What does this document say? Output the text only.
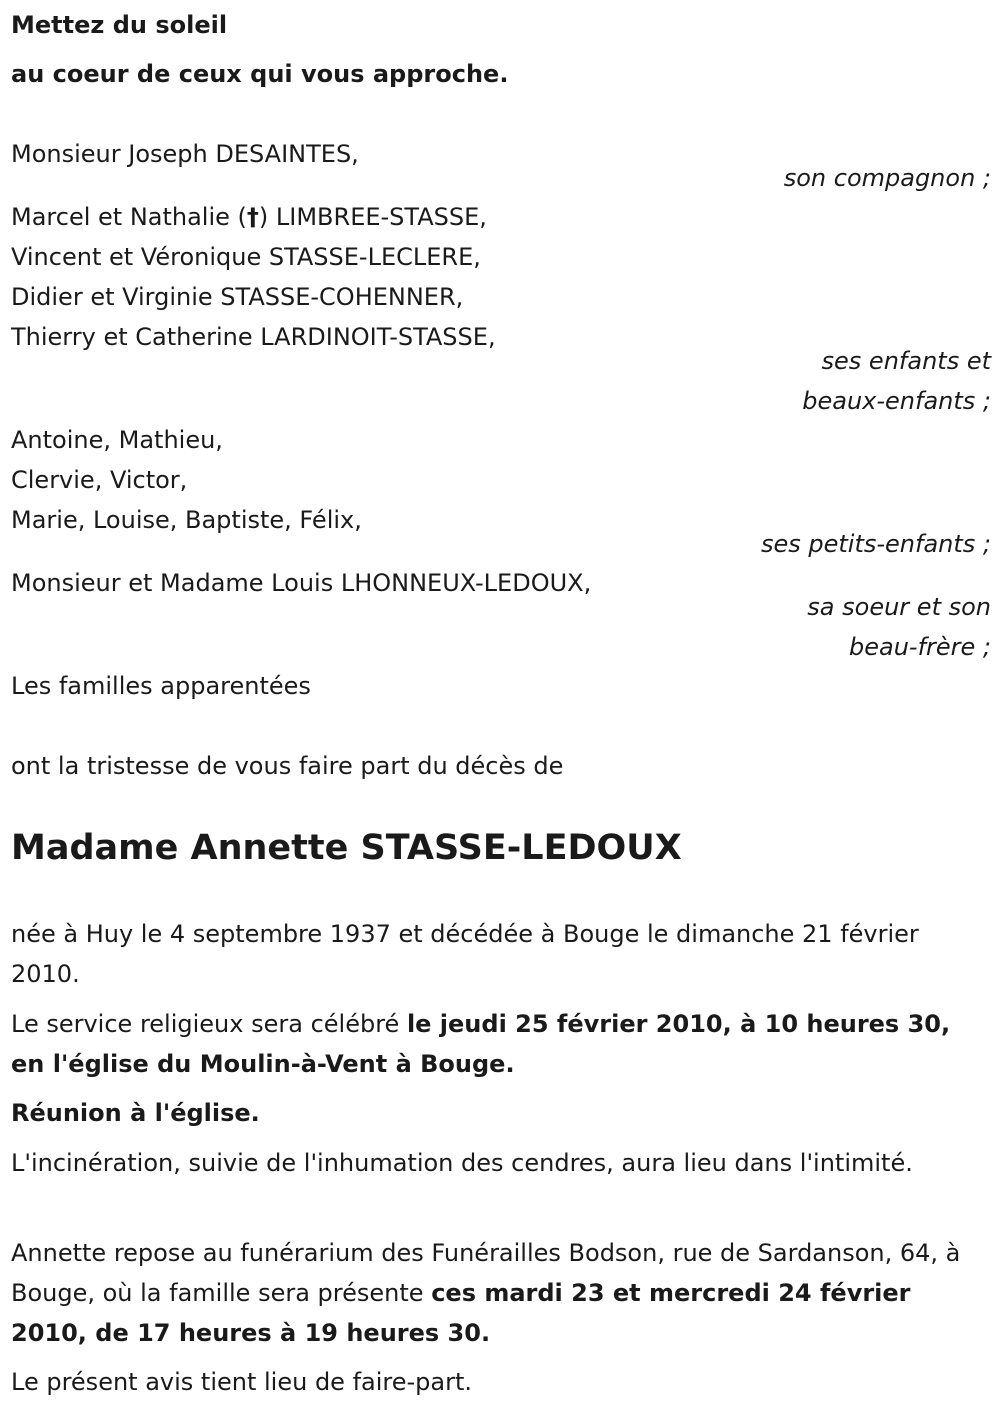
Mettez du soleil
au coeur de ceux qui vous approche.
Monsieur Joseph DESAINTES,
son compagnon ;
Marcel et Nathalie (†) LIMBREE-STASSE,
Vincent et Véronique STASSE-LECLERE,
Didier et Virginie STASSE-COHENNER,
Thierry et Catherine LARDINOIT-STASSE,
ses enfants et
beaux-enfants ;
Antoine, Mathieu,
Clervie, Victor,
Marie, Louise, Baptiste, Félix,
ses petits-enfants ;
Monsieur et Madame Louis LHONNEUX-LEDOUX,
sa soeur et son
beau-frère ;
Les familles apparentées
ont la tristesse de vous faire part du décès de
Madame Annette STASSE-LEDOUX
née à Huy le 4 septembre 1937 et décédée à Bouge le dimanche 21 février 2010.
Le service religieux sera célébré le jeudi 25 février 2010, à 10 heures 30, en l'église du Moulin-à-Vent à Bouge.
Réunion à l'église.
L'incinération, suivie de l'inhumation des cendres, aura lieu dans l'intimité.
Annette repose au funérarium des Funérailles Bodson, rue de Sardanson, 64, à Bouge, où la famille sera présente ces mardi 23 et mercredi 24 février 2010, de 17 heures à 19 heures 30.
Le présent avis tient lieu de faire-part.
